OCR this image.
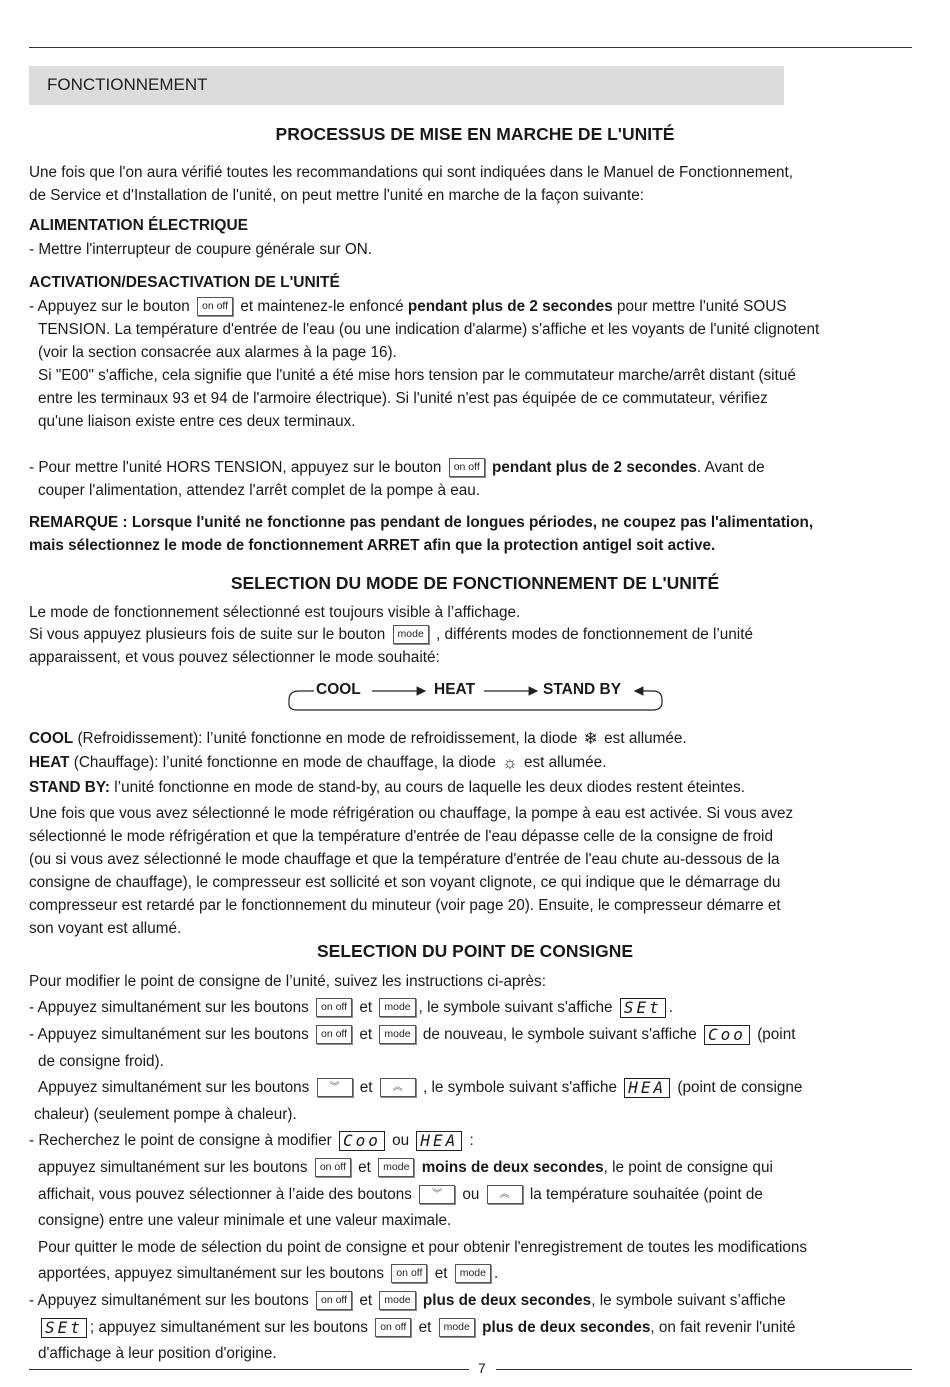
FONCTIONNEMENT
PROCESSUS DE MISE EN MARCHE DE L'UNITÉ
Une fois que l'on aura vérifié toutes les recommandations qui sont indiquées dans le Manuel de Fonctionnement,
de Service et d'Installation de l'unité, on peut mettre l'unité en marche de la façon suivante:
ALIMENTATION ÉLECTRIQUE
- Mettre l'interrupteur de coupure générale sur ON.
ACTIVATION/DESACTIVATION DE L'UNITÉ
- Appuyez sur le bouton on off et maintenez-le enfoncé pendant plus de 2 secondes pour mettre l'unité SOUS
TENSION. La température d'entrée de l'eau (ou une indication d'alarme) s'affiche et les voyants de l'unité clignotent
(voir la section consacrée aux alarmes à la page 16).
Si "E00" s'affiche, cela signifie que l'unité a été mise hors tension par le commutateur marche/arrêt distant (situé
entre les terminaux 93 et 94 de l'armoire électrique). Si l'unité n'est pas équipée de ce commutateur, vérifiez
qu'une liaison existe entre ces deux terminaux.
- Pour mettre l'unité HORS TENSION, appuyez sur le bouton on off pendant plus de 2 secondes. Avant de
couper l'alimentation, attendez l'arrêt complet de la pompe à eau.
REMARQUE : Lorsque l'unité ne fonctionne pas pendant de longues périodes, ne coupez pas l'alimentation,
mais sélectionnez le mode de fonctionnement ARRET afin que la protection antigel soit active.
SELECTION DU MODE DE FONCTIONNEMENT DE L'UNITÉ
Le mode de fonctionnement sélectionné est toujours visible à l’affichage.
Si vous appuyez plusieurs fois de suite sur le bouton mode , différents modes de fonctionnement de l’unité
apparaissent, et vous pouvez sélectionner le mode souhaité:
COOL	HEAT	STAND BY
COOL (Refroidissement): l’unité fonctionne en mode de refroidissement, la diode ❄ est allumée.
HEAT (Chauffage): l’unité fonctionne en mode de chauffage, la diode ☼ est allumée.
STAND BY: l’unité fonctionne en mode de stand-by, au cours de laquelle les deux diodes restent éteintes.
Une fois que vous avez sélectionné le mode réfrigération ou chauffage, la pompe à eau est activée. Si vous avez
sélectionné le mode réfrigération et que la température d'entrée de l'eau dépasse celle de la consigne de froid
(ou si vous avez sélectionné le mode chauffage et que la température d'entrée de l'eau chute au-dessous de la
consigne de chauffage), le compresseur est sollicité et son voyant clignote, ce qui indique que le démarrage du
compresseur est retardé par le fonctionnement du minuteur (voir page 20). Ensuite, le compresseur démarre et
son voyant est allumé.
SELECTION DU POINT DE CONSIGNE
Pour modifier le point de consigne de l’unité, suivez les instructions ci-après:
- Appuyez simultanément sur les boutons on off et mode , le symbole suivant s'affiche SEt .
- Appuyez simultanément sur les boutons on off et mode de nouveau, le symbole suivant s'affiche Coo (point
de consigne froid).
Appuyez simultanément sur les boutons ︾ et ︽ , le symbole suivant s'affiche HEA (point de consigne
chaleur) (seulement pompe à chaleur).
- Recherchez le point de consigne à modifier Coo ou HEA :
appuyez simultanément sur les boutons on off et mode moins de deux secondes, le point de consigne qui
affichait, vous pouvez sélectionner à l’aide des boutons ︾ ou ︽ la température souhaitée (point de
consigne) entre une valeur minimale et une valeur maximale.
Pour quitter le mode de sélection du point de consigne et pour obtenir l'enregistrement de toutes les modifications
apportées, appuyez simultanément sur les boutons on off et mode .
- Appuyez simultanément sur les boutons on off et mode plus de deux secondes, le symbole suivant s’affiche
SEt ; appuyez simultanément sur les boutons on off et mode plus de deux secondes, on fait revenir l'unité
d'affichage à leur position d'origine.
7
